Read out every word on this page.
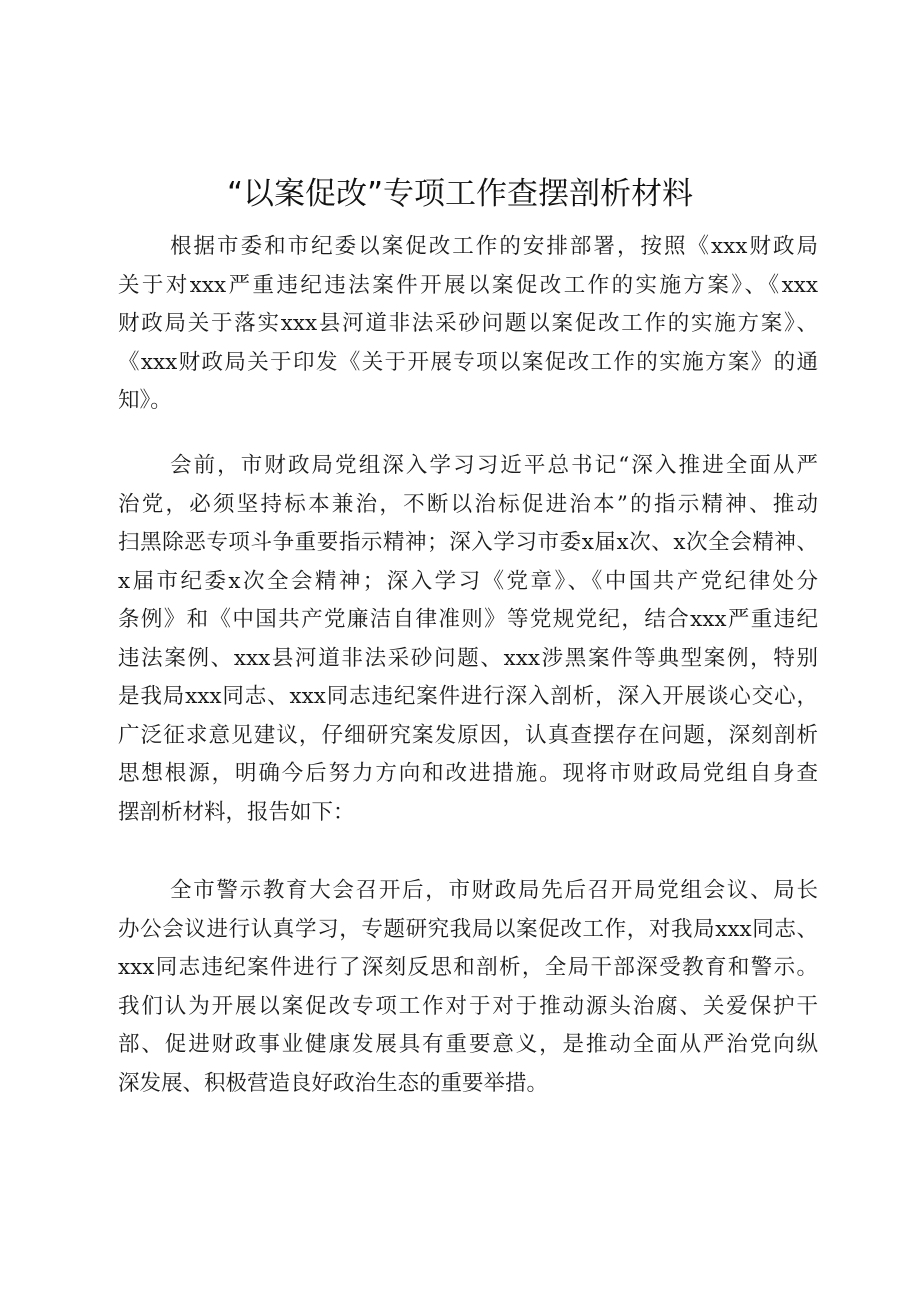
“以案促改”专项工作查摆剖析材料
根据市委和市纪委以案促改工作的安排部署，按照《xxx财政局
关于对xxx严重违纪违法案件开展以案促改工作的实施方案》、《xxx
财政局关于落实xxx县河道非法采砂问题以案促改工作的实施方案》、
《xxx财政局关于印发《关于开展专项以案促改工作的实施方案》的通
知》。
会前，市财政局党组深入学习习近平总书记“深入推进全面从严
治党，必须坚持标本兼治，不断以治标促进治本”的指示精神、推动
扫黑除恶专项斗争重要指示精神；深入学习市委x届x次、x次全会精神、
x届市纪委x次全会精神；深入学习《党章》、《中国共产党纪律处分
条例》和《中国共产党廉洁自律准则》等党规党纪，结合xxx严重违纪
违法案例、xxx县河道非法采砂问题、xxx涉黑案件等典型案例，特别
是我局xxx同志、xxx同志违纪案件进行深入剖析，深入开展谈心交心，
广泛征求意见建议，仔细研究案发原因，认真查摆存在问题，深刻剖析
思想根源，明确今后努力方向和改进措施。现将市财政局党组自身查
摆剖析材料，报告如下：
全市警示教育大会召开后，市财政局先后召开局党组会议、局长
办公会议进行认真学习，专题研究我局以案促改工作，对我局xxx同志、
xxx同志违纪案件进行了深刻反思和剖析，全局干部深受教育和警示。
我们认为开展以案促改专项工作对于对于推动源头治腐、关爱保护干
部、促进财政事业健康发展具有重要意义，是推动全面从严治党向纵
深发展、积极营造良好政治生态的重要举措。
